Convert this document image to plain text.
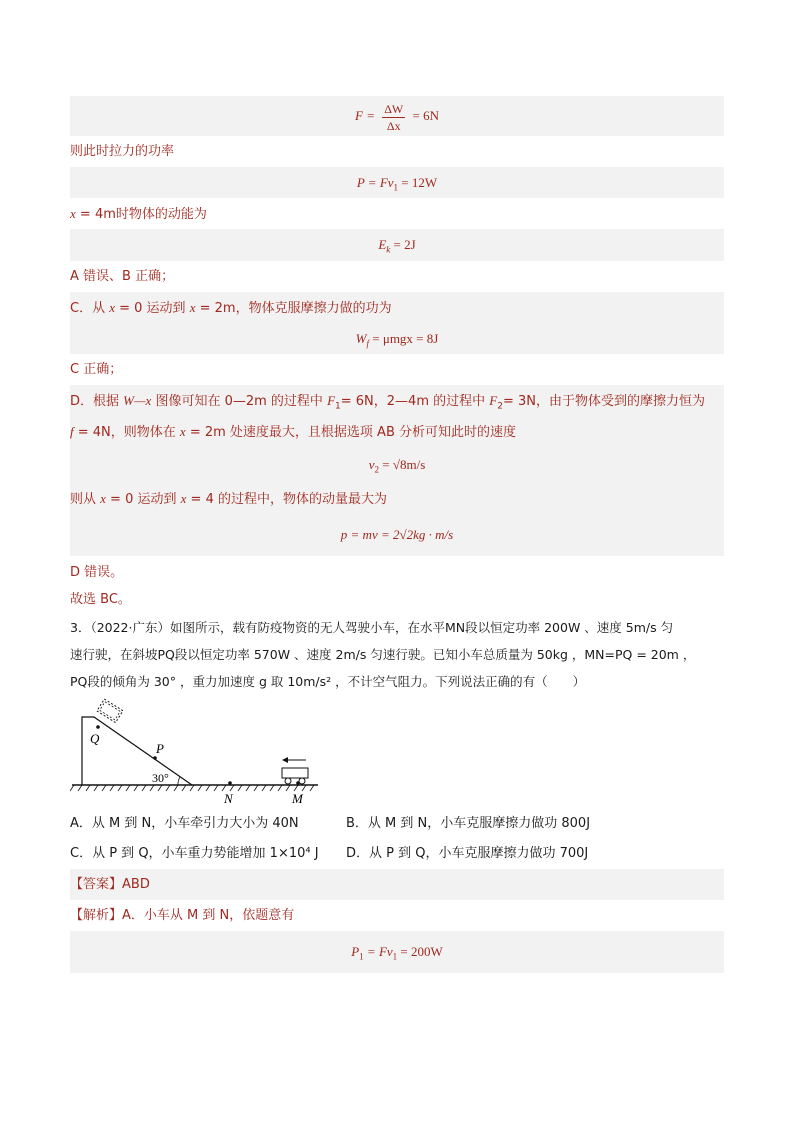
$F = \frac{\Delta W}{\Delta x} = 6N$
则此时拉力的功率
$P = Fv_1 = 12W$
x = 4m时物体的动能为
$E_k = 2J$
A 错误、B 正确；
C．从 x = 0 运动到 x = 2m，物体克服摩擦力做的功为
$W_f = \mu mgx = 8J$
C 正确；
D．根据 W—x 图像可知在 0—2m 的过程中 $F_1= 6N$，2—4m 的过程中 $F_2= 3N$，由于物体受到的摩擦力恒为
f = 4N，则物体在 x = 2m 处速度最大，且根据选项 AB 分析可知此时的速度
$v_2 = √8m/s$
则从 x = 0 运动到 x = 4 的过程中，物体的动量最大为
p = mv = 2√2kg · m/s
D 错误。
故选 BC。
3．（2022·广东）如图所示，载有防疫物资的无人驾驶小车，在水平MN段以恒定功率 200W 、速度 5m/s 匀
速行驶，在斜坡PQ段以恒定功率 570W 、速度 2m/s 匀速行驶。已知小车总质量为 50kg ，MN=PQ = 20m ，
PQ段的倾角为 30° ，重力加速度 g 取 10m/s² ，不计空气阻力。下列说法正确的有（　　）
Q
P
30°
N	M
A．从 M 到 N，小车牵引力大小为 40N	B．从 M 到 N，小车克服摩擦力做功 800J
C．从 P 到 Q，小车重力势能增加 1×10⁴ J D．从 P 到 Q，小车克服摩擦力做功 700J
【答案】ABD
【解析】A．小车从 M 到 N，依题意有
$P_1 = Fv_1 = 200W$
